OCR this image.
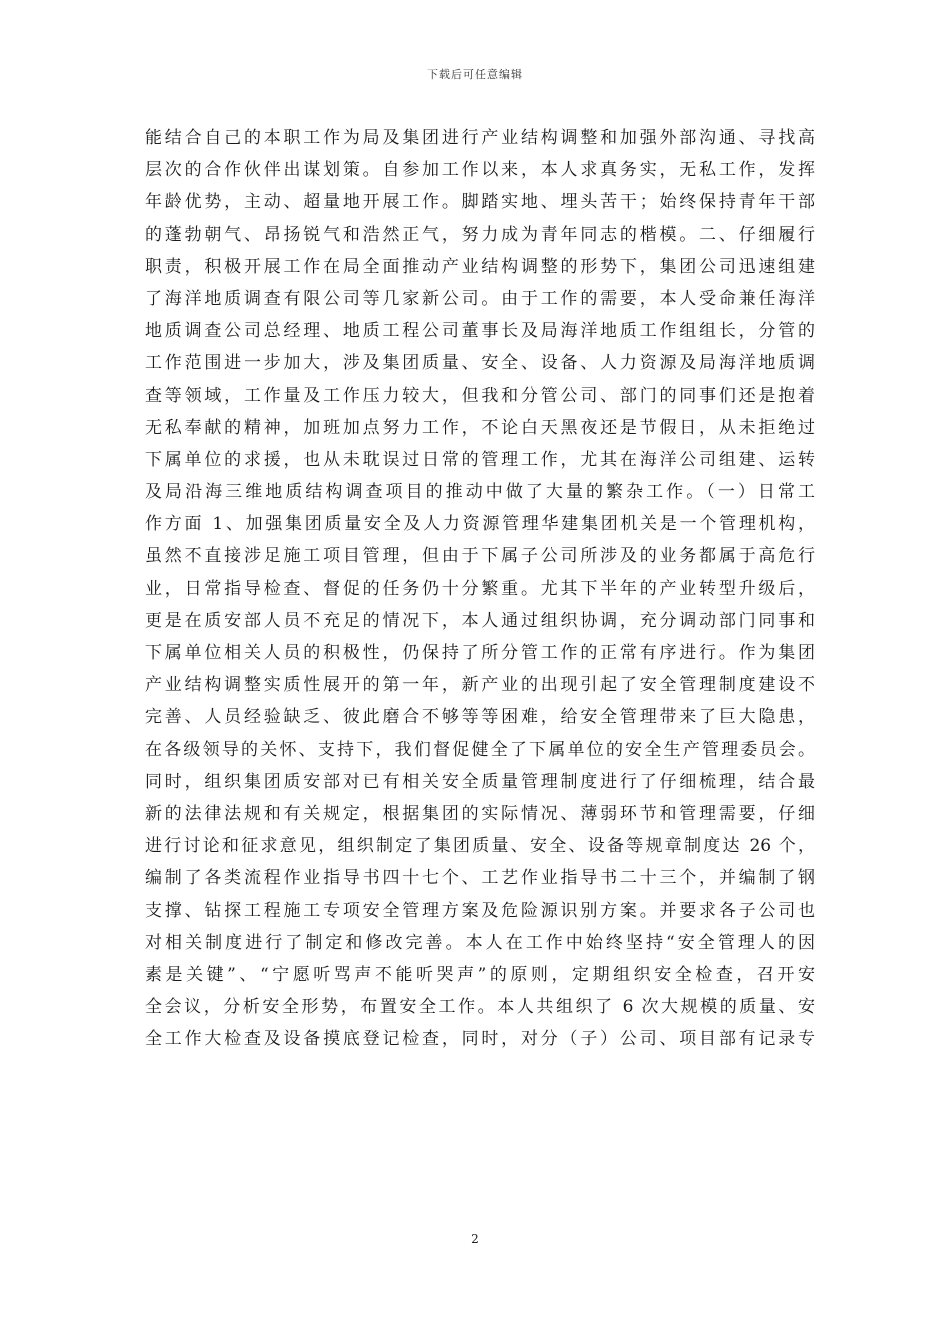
下载后可任意编辑
能结合自己的本职工作为局及集团进行产业结构调整和加强外部沟通、寻找高
层次的合作伙伴出谋划策。自参加工作以来，本人求真务实，无私工作，发挥
年龄优势，主动、超量地开展工作。脚踏实地、埋头苦干；始终保持青年干部
的蓬勃朝气、昂扬锐气和浩然正气，努力成为青年同志的楷模。二、仔细履行
职责，积极开展工作在局全面推动产业结构调整的形势下，集团公司迅速组建
了海洋地质调查有限公司等几家新公司。由于工作的需要，本人受命兼任海洋
地质调查公司总经理、地质工程公司董事长及局海洋地质工作组组长，分管的
工作范围进一步加大，涉及集团质量、安全、设备、人力资源及局海洋地质调
查等领域，工作量及工作压力较大，但我和分管公司、部门的同事们还是抱着
无私奉献的精神，加班加点努力工作，不论白天黑夜还是节假日，从未拒绝过
下属单位的求援，也从未耽误过日常的管理工作，尤其在海洋公司组建、运转
及局沿海三维地质结构调查项目的推动中做了大量的繁杂工作。（一）日常工
作方面 1、加强集团质量安全及人力资源管理华建集团机关是一个管理机构，
虽然不直接涉足施工项目管理，但由于下属子公司所涉及的业务都属于高危行
业，日常指导检查、督促的任务仍十分繁重。尤其下半年的产业转型升级后，
更是在质安部人员不充足的情况下，本人通过组织协调，充分调动部门同事和
下属单位相关人员的积极性，仍保持了所分管工作的正常有序进行。作为集团
产业结构调整实质性展开的第一年，新产业的出现引起了安全管理制度建设不
完善、人员经验缺乏、彼此磨合不够等等困难，给安全管理带来了巨大隐患，
在各级领导的关怀、支持下，我们督促健全了下属单位的安全生产管理委员会。
同时，组织集团质安部对已有相关安全质量管理制度进行了仔细梳理，结合最
新的法律法规和有关规定，根据集团的实际情况、薄弱环节和管理需要，仔细
进行讨论和征求意见，组织制定了集团质量、安全、设备等规章制度达 26 个，
编制了各类流程作业指导书四十七个、工艺作业指导书二十三个，并编制了钢
支撑、钻探工程施工专项安全管理方案及危险源识别方案。并要求各子公司也
对相关制度进行了制定和修改完善。本人在工作中始终坚持“安全管理人的因
素是关键”、“宁愿听骂声不能听哭声”的原则，定期组织安全检查，召开安
全会议，分析安全形势，布置安全工作。本人共组织了 6 次大规模的质量、安
全工作大检查及设备摸底登记检查，同时，对分（子）公司、项目部有记录专
2
